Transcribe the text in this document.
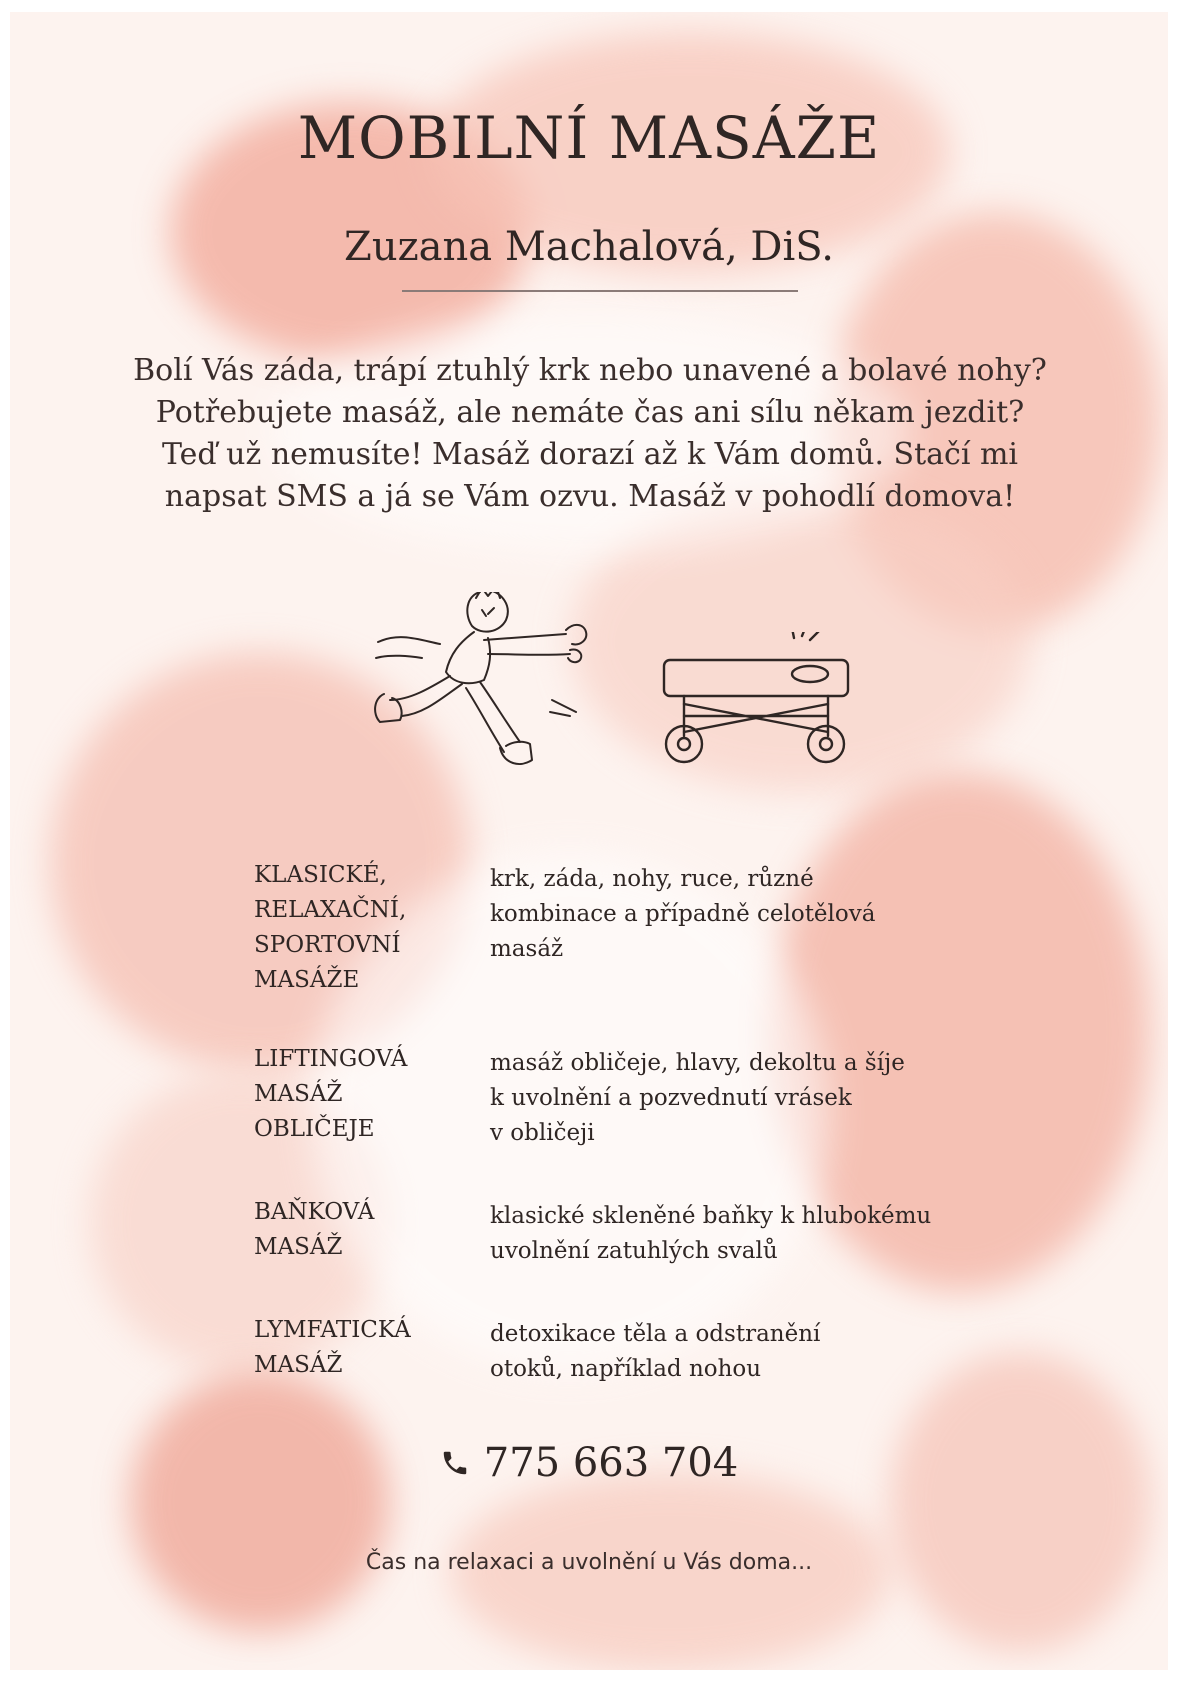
MOBILNÍ MASÁŽE
Zuzana Machalová, DiS.
Bolí Vás záda, trápí ztuhlý krk nebo unavené a bolavé nohy?
Potřebujete masáž, ale nemáte čas ani sílu někam jezdit?
Teď už nemusíte! Masáž dorazí až k Vám domů. Stačí mi
napsat SMS a já se Vám ozvu. Masáž v pohodlí domova!
KLASICKÉ,
RELAXAČNÍ,
SPORTOVNÍ
MASÁŽE
krk, záda, nohy, ruce, různé
kombinace a případně celotělová
masáž
LIFTINGOVÁ
MASÁŽ
OBLIČEJE
masáž obličeje, hlavy, dekoltu a šíje
k uvolnění a pozvednutí vrásek
v obličeji
BAŇKOVÁ
MASÁŽ
klasické skleněné baňky k hlubokému
uvolnění zatuhlých svalů
LYMFATICKÁ
MASÁŽ
detoxikace těla a odstranění
otoků, například nohou
775 663 704
Čas na relaxaci a uvolnění u Vás doma...
